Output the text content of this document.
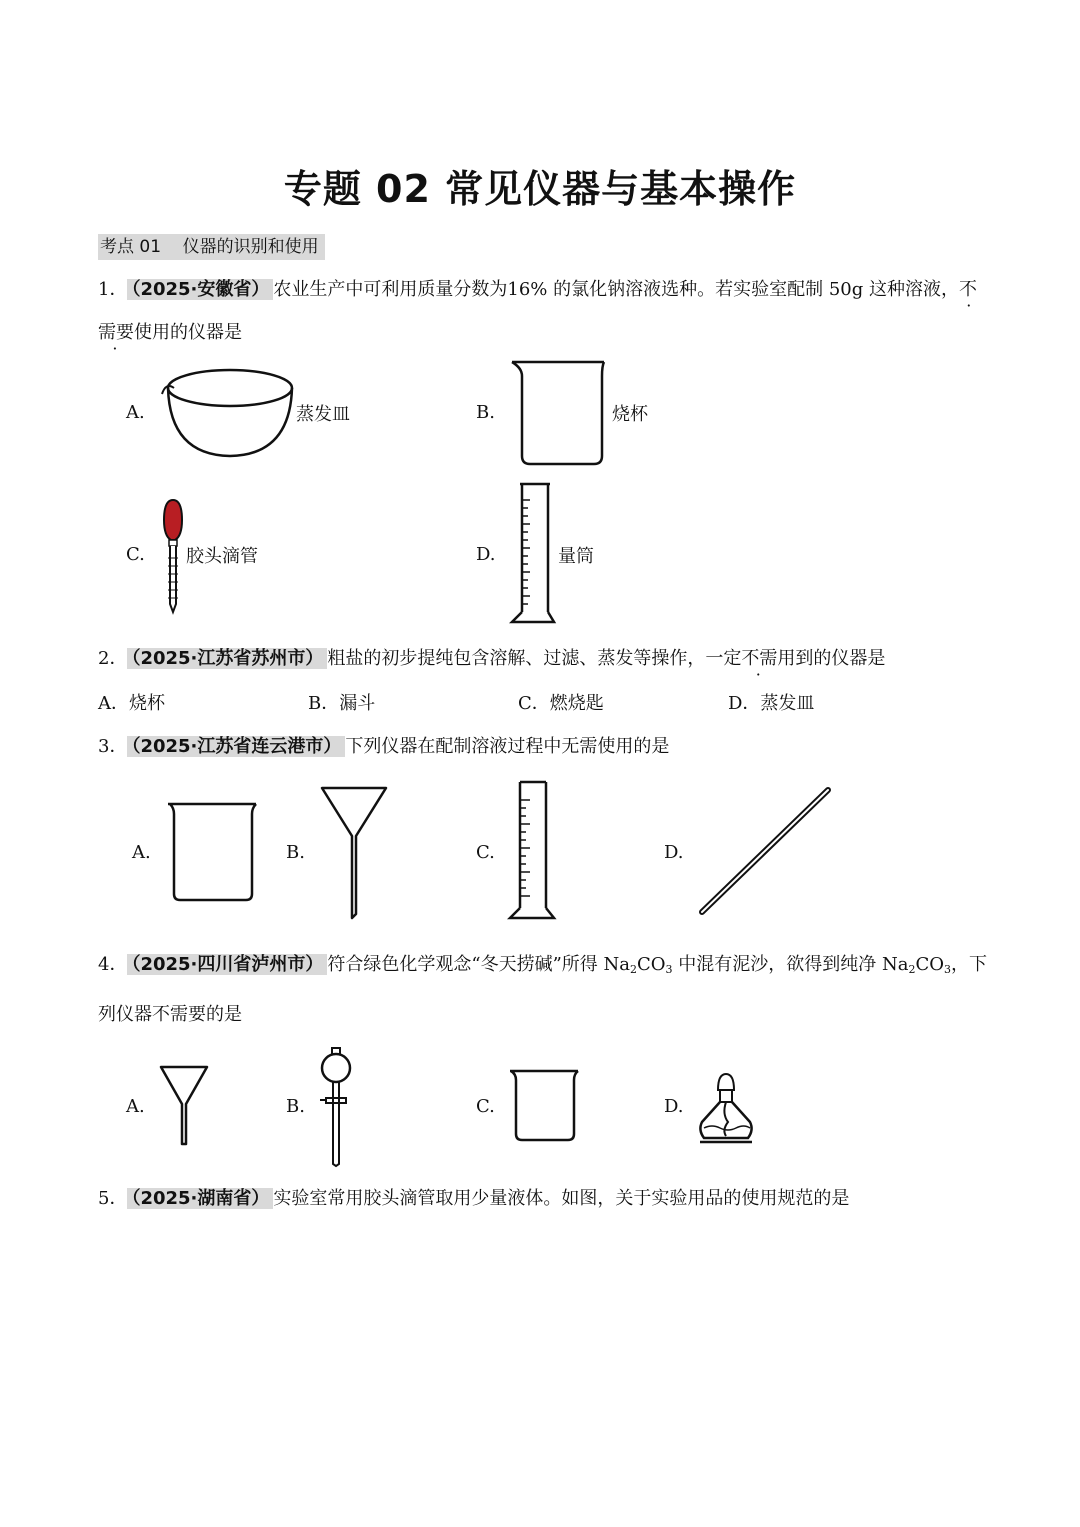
专题 02 常见仪器与基本操作
考点 01 仪器的识别和使用
1． （2025·安徽省） 农业生产中可利用质量分数为16% 的氯化钠溶液选种。若实验室配制 50g 这种溶液，不
需要使用的仪器是
A.	蒸发皿	B.	烧杯
C. 胶头滴管	D.	量筒
2． （2025·江苏省苏州市） 粗盐的初步提纯包含溶解、过滤、蒸发等操作，一定不需用到的仪器是
A．烧杯	B．漏斗	C．燃烧匙	D．蒸发皿
3． （2025·江苏省连云港市） 下列仪器在配制溶液过程中无需使用的是
A.	B.	C.	D.
4． （2025·四川省泸州市） 符合绿色化学观念“冬天捞碱”所得 $Na_2CO_3$ 中混有泥沙，欲得到纯净 $Na_2CO_3$，下
列仪器不需要的是
A.	B.	C.	D.
5． （2025·湖南省） 实验室常用胶头滴管取用少量液体。如图，关于实验用品的使用规范的是
